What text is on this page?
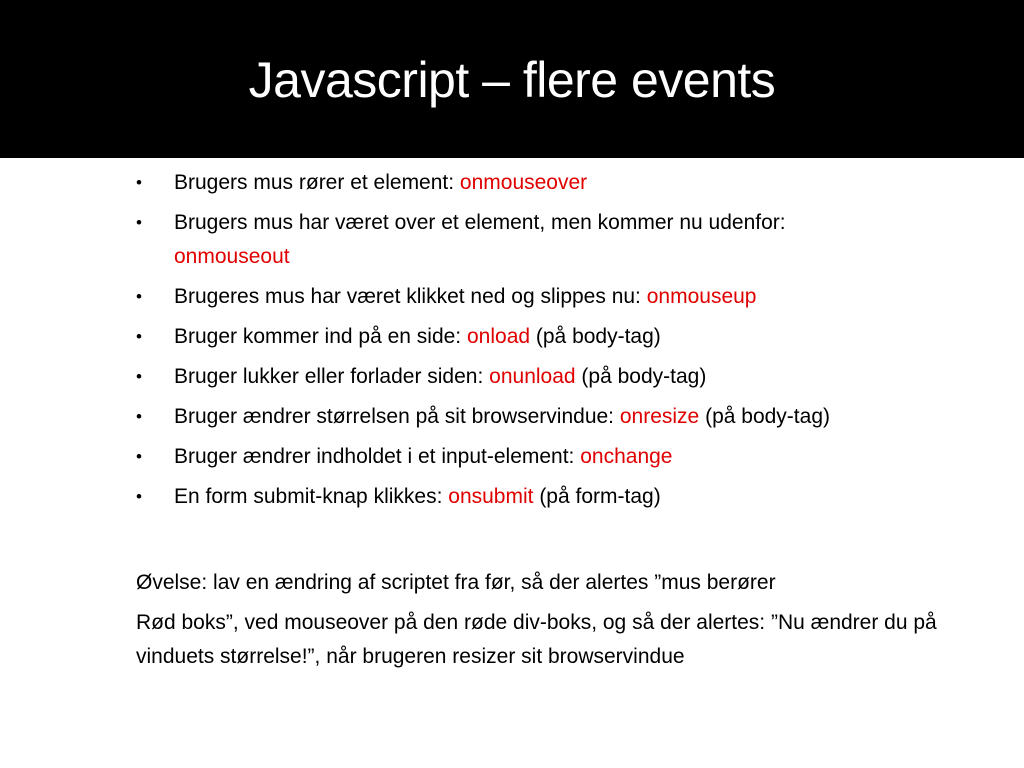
Javascript – flere events
• Brugers mus rører et element: onmouseover
• Brugers mus har været over et element, men kommer nu udenfor:
onmouseout
• Brugeres mus har været klikket ned og slippes nu: onmouseup
• Bruger kommer ind på en side: onload (på body-tag)
• Bruger lukker eller forlader siden: onunload (på body-tag)
• Bruger ændrer størrelsen på sit browservindue: onresize (på body-tag)
• Bruger ændrer indholdet i et input-element: onchange
• En form submit-knap klikkes: onsubmit (på form-tag)

Øvelse: lav en ændring af scriptet fra før, så der alertes ”mus berører

Rød boks”, ved mouseover på den røde div-boks, og så der alertes: ”Nu ændrer du på vinduets størrelse!”, når brugeren resizer sit browservindue
